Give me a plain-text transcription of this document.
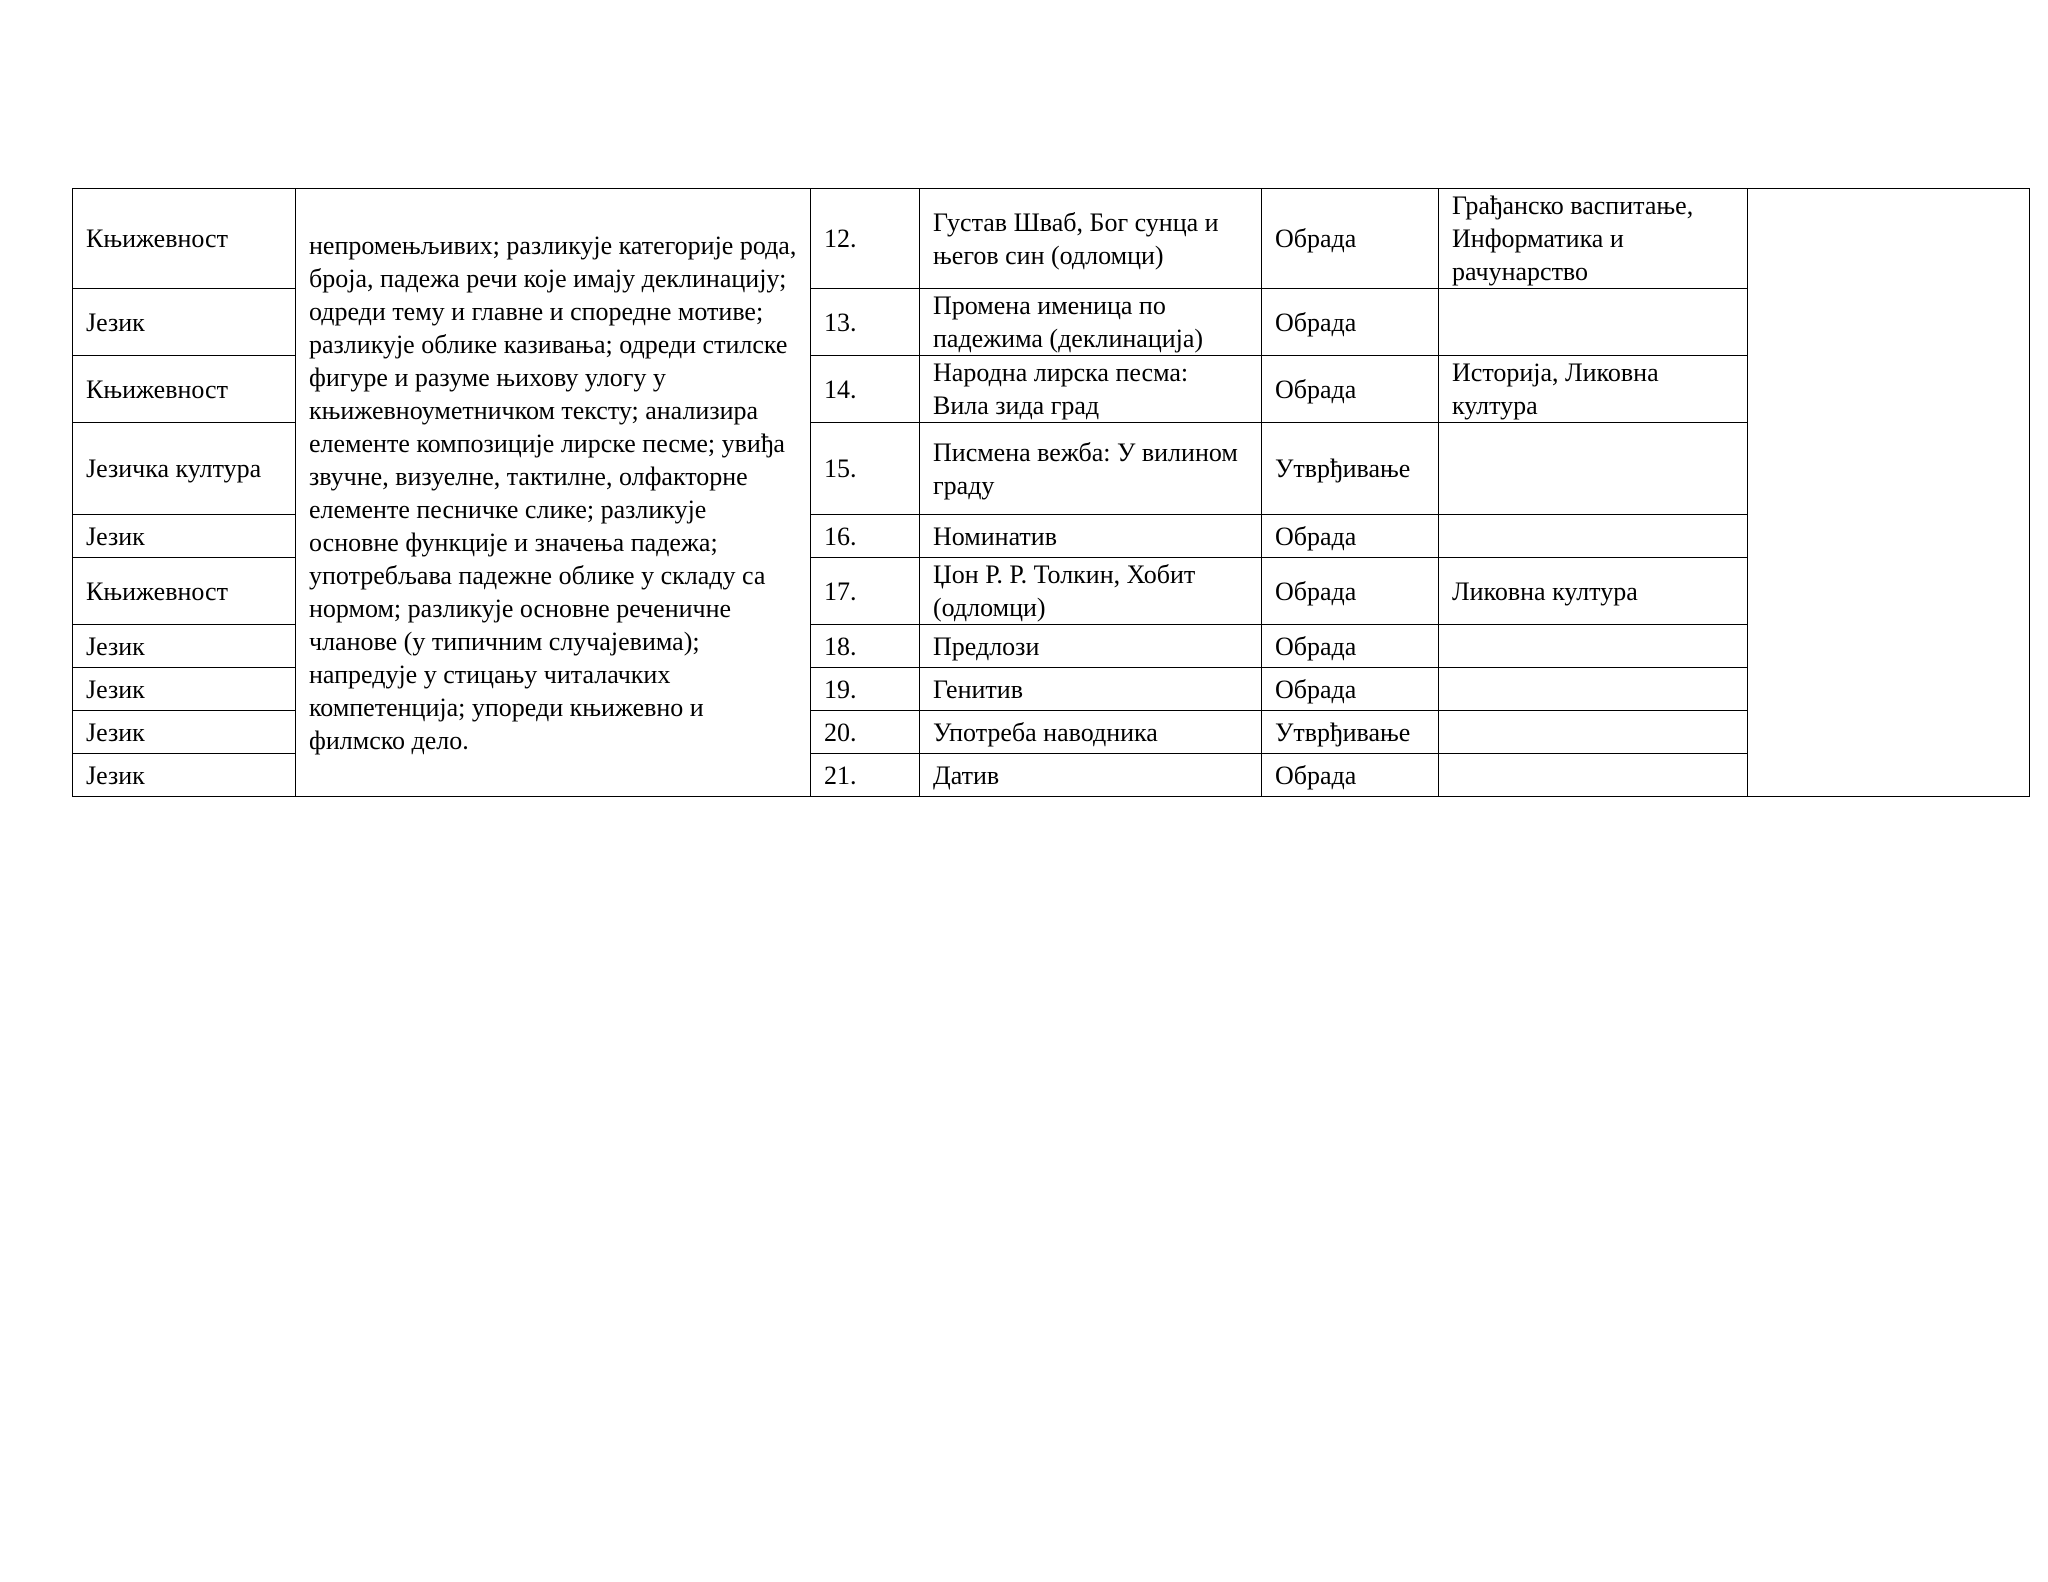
Књижевност	непромењљивих; разликује категорије рода, броја, падежа речи које имају деклинацију; одреди тему и главне и споредне мотиве; разликује облике казивања; одреди стилске фигуре и разуме њихову улогу у књижевноуметничком тексту; анализира елементе композиције лирске песме; увиђа звучне, визуелне, тактилне, олфакторне елементе песничке слике; разликује основне функције и значења падежа; употребљава падежне облике у складу са нормом; разликује основне реченичне чланове (у типичним случајевима); напредује у стицању читалачких компетенција; упореди књижевно и филмско дело.	12.	Густав Шваб, Бог сунца и његов син (одломци)	Обрада	Грађанско васпитање, Информатика и рачунарство	
Језик		13.	Промена именица по падежима (деклинација)	Обрада		
Књижевност		14.	Народна лирска песма: Вила зида град	Обрада	Историја, Ликовна култура	
Језичка култура		15.	Писмена вежба: У вилином граду	Утврђивање		
Језик		16.	Номинатив	Обрада		
Књижевност		17.	Џон Р. Р. Толкин, Хобит (одломци)	Обрада	Ликовна култура	
Језик		18.	Предлози	Обрада		
Језик		19.	Генитив	Обрада		
Језик		20.	Употреба наводника	Утврђивање		
Језик		21.	Датив	Обрада		
